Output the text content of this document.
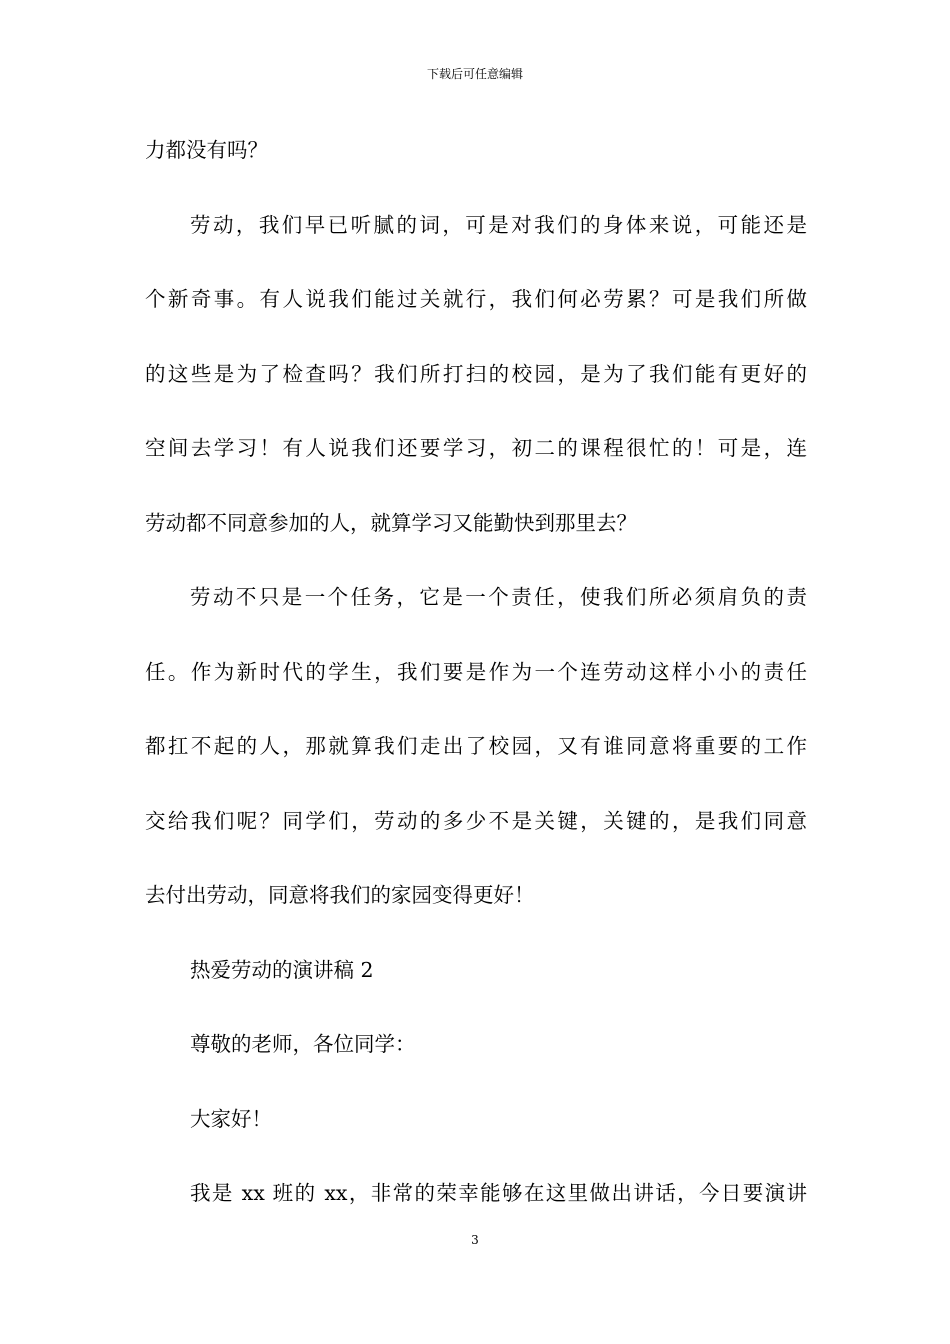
下载后可任意编辑
力都没有吗？
劳动，我们早已听腻的词，可是对我们的身体来说，可能还是
个新奇事。有人说我们能过关就行，我们何必劳累？可是我们所做
的这些是为了检查吗？我们所打扫的校园，是为了我们能有更好的
空间去学习！有人说我们还要学习，初二的课程很忙的！可是，连
劳动都不同意参加的人，就算学习又能勤快到那里去？
劳动不只是一个任务，它是一个责任，使我们所必须肩负的责
任。作为新时代的学生，我们要是作为一个连劳动这样小小的责任
都扛不起的人，那就算我们走出了校园，又有谁同意将重要的工作
交给我们呢？同学们，劳动的多少不是关键，关键的，是我们同意
去付出劳动，同意将我们的家园变得更好！
热爱劳动的演讲稿 2
尊敬的老师，各位同学：
大家好！
我是 xx 班的 xx，非常的荣幸能够在这里做出讲话，今日要演讲
3
